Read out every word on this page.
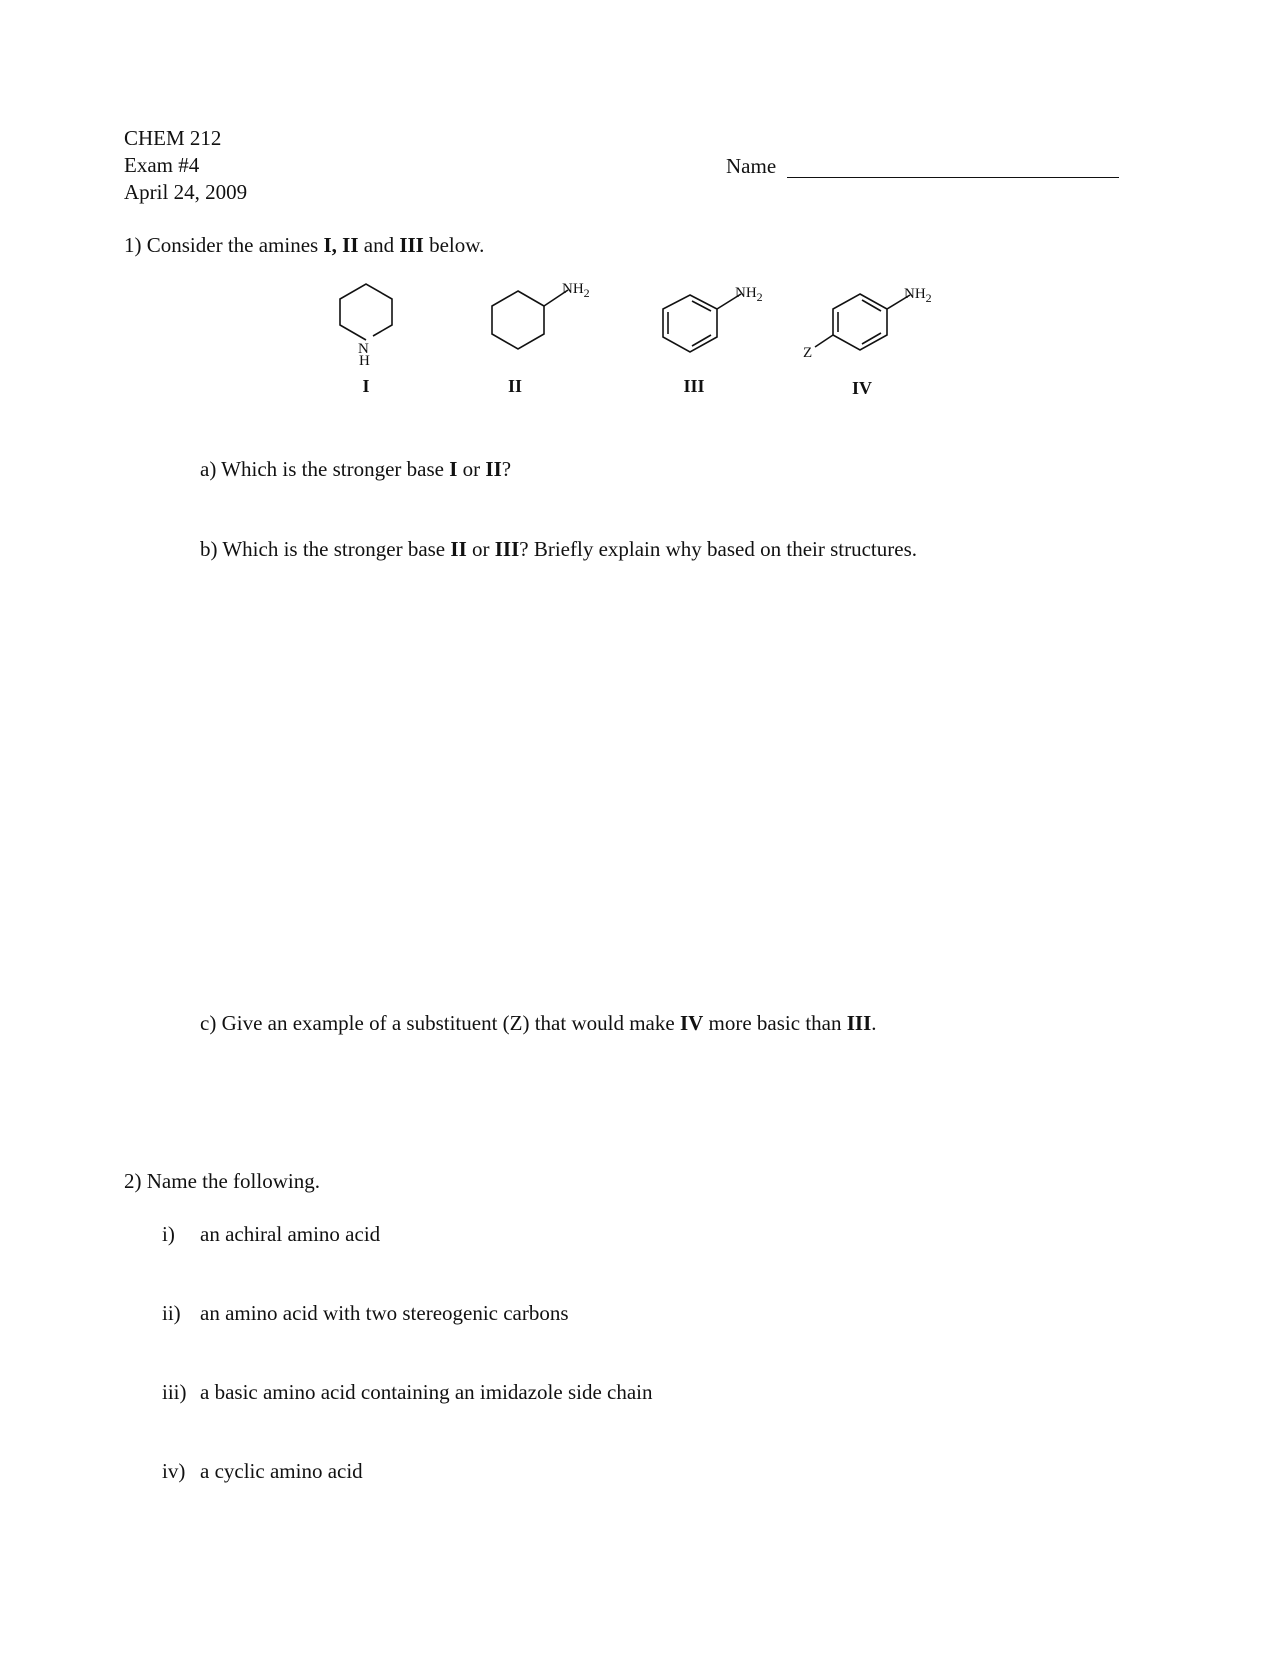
CHEM 212
Exam #4
April 24, 2009
Name
1) Consider the amines I, II and III below.
N
H
$NH_2$	$NH_2$	$NH_2$
Z
I	II	III	IV
a) Which is the stronger base I or II?
b) Which is the stronger base II or III? Briefly explain why based on their structures.
c) Give an example of a substituent (Z) that would make IV more basic than III.
2) Name the following.
i) an achiral amino acid
ii) an amino acid with two stereogenic carbons
iii) a basic amino acid containing an imidazole side chain
iv) a cyclic amino acid
